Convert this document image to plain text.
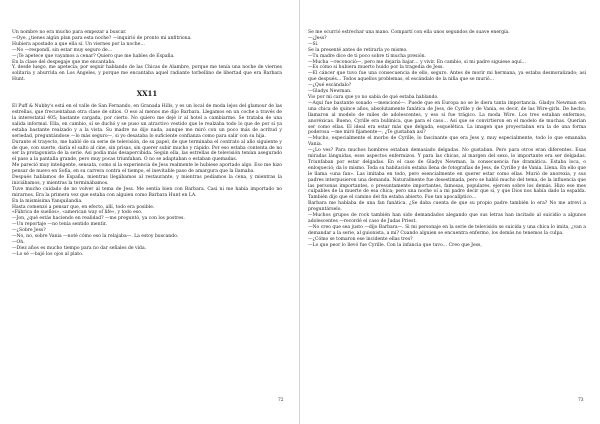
Un nombre no era mucho para empezar a buscar.

—Oye, ¿tienes algún plan para esta noche? —inquirió de pronto mi anfitriona.

Hubiera apostado a que ella sí. Un viernes por la noche…

—No —respondí, sin estar muy seguro de…

—¡Te apetece que vayamos a cenar? Quiero que me hables de España.

En la clase del despegaje que me encantaba.

Y, desde luego, me apetecía; por seguir hablando de las Chicas de Alambre, porque me tenía una noche de viernes solitaria y aburrida en Los Ángeles, y porque me encantaba aquel radiante torbellino de libertad que era Barbara Hunt.

XX11

El Puff & Nubby's está en el valle de San Fernando, en Granada Hills, y es un local de moda lejos del glamour de las estrellas, que frecuentaban otra clase de sitios. O eso al menos me dijo Barbara. Llegamos en un coche a través de la interestatal 405; bastante cargada, por cierto. No quiero me dejé ir al hotel a cambiarme. Se trataba de una salida informal. Ella, en cambio, sí se duchó y se puso un atractivo vestido que le realzaba todo lo que de por sí ya estaba bastante realzado y a la vista. Su madre no dijo nada, aunque me miró con un poco más de acritud y seriedad, preguntándose —lo más seguro—, si yo desataba lo suficiente confianza como para salir con su hija.

Durante el trayecto, me habló de su serie de televisión, de su papel, de que terminaba el contrato al año siguiente y de que, con suerte, daría el salto al cine, sin prisas, sin querer subir mucho y rápido. Por eso estaba contenta de no ser la protagonista de la serie. Así podía más desapercibida. Según ella, las estrellas de televisión tenían asegurado el paso a la pantalla grande, pero muy pocas triunfaban. O no se adaptaban o estaban quemadas.

Me pareció muy inteligente, sensata, como si la experiencia de Jess realmente le hubiese aportado algo. Eso me hizo pensar de nuevo en Sofía, en su carrera contra el tiempo, el inevitable paso de amargura que la llamaba.

Después hablamos de España, mientras llegábamos al restaurante, y mientras pedíamos la cena, y mientras la iniciábamos, y mientras la terminábamos.

Tuve mucho cuidado de no volver al tema de Jess. Me sentía bien con Barbara. Casi ni me había importado no mirarnos. Era la primera vez que estaba con alguien como Barbara Hunt en LA.

En la mismísima Yanquilandia.

Hasta comenzó a pensar que, en efecto, allí, todo era posible.

«Fábrica de sueños», «american way of life», y todo eso.

—Jon, ¿qué estás haciendo en realidad? —me preguntó, ya con los postres.

—Un reportaje —no tenía sentido mentir.

—¿Sobre Jess?

—No, no, sobre Vania —noté cómo eso la relajaba—. La estoy buscando.

—Oh.

—Diez años es mucho tiempo para no dar señales de vida.

—Lo sé —bajó los ojos al plato.

Se me ocurrió estrechar una mano. Compartí con ella unos segundos de suave energía.

—¿Jess?

—Sí.

Se la presenté antes de retirarla yo mismo.

—Tu madre dice de ti poco sobre tí mucha presión.

—Mucha —reconoció—, pero me dejaría bajar… y vivir. En cambio, si mi padre siguiese aquí…

—Es cómo si hubiera muerto huido por la tragedia de Jess.

—El cáncer que tuvo fue una consecuencia de ello, seguro. Antes de morir mi hermana, ya estaba desmoralizado; así que después… Todos aquellos problemas, el escándalo de la niña que se murió…

—¿Qué escándalo?

—Gladys Newman.

Vio por mi cara que yo no sabía de qué estaba hablando.

—Aquí fue bastante sonado —mencionó—. Puede que en Europa no se le diera tanta importancia. Gladys Newman era una chica de quince años, absolutamente fanática de Jess, de Cyrille y de Vania, es decir, de las Wire-girls. De hecho, llamaron al modelo de miles de adolescentes, y eso sí fue trágico. La moda Wire. Los tres estaban enfermos, anoréxicas. Bueno, Cyrille era bulímica, que para el caso… Así que se convirtieron en el modelo de muchas. Querían ser como ellas. El ideal era estar más que delgada, esquelética. La imagen que proyectaban era la de una forma poderosa —me miró fijamente—, ¿Te gustaban así?

—Mucho, especialmente el morbo de Cyrille, lo fascinante que era Jess y, muy especialmente, todo lo que emanaba Vania.

—¿Lo ves? Para muchos hombres estaban demasiado delgadas. No gustaban. Pero para otros eran diferentes. Esas miradas lánguidas, esos aspectos enfermizos. Y para las chicas, al margen del sexo, lo importante era ser delgadas. Triunfaban por estar delgadas. En el caso de Gladys Newman, la consecuencia fue dramática. Estaba loca, o enloqueció; da lo mismo. Toda su habitación estaba llena de fotografías de Jess, de Cyrille y de Vania. Llena. En ello que le llama «una fan». Las imitaba en todo, pero esencialmente en querer estar como ellas. Murió de anorexia, y sus padres interpusieron una demanda. Naturalmente fue desestimada, pero se habló mucho del tema, de la influencia que las personas importantes, o presuntamente importantes, famosas, populares, ejercen sobre los demás. Hizo ese mes culpables de la muerte de esa chica; pero una noche oí a mi padre decir que sí, y que Dios nos había dado la espalda. También dijo que el camino del fin estaba abierto. Fue tan apocalíptico…

Barbara me hablaba de una fan fanática. ¿Se daba cuenta de que su propio padre también lo era? No me atreví a preguntárselo.

—Muchos grupos de rock también han sido demandados alegando que sus letras han incitado al suicidio a algunos adolescentes —recordé el caso de Judas Priest.

—No creo que sea justo —dijo Barbara—. Si mi personaje en la serie de televisión se suicida y una chica lo imita, ¿van a demandar a la serie, al guionista, a mí? Cuando alguien se encuentra enfermo, los demás no tenemos la culpa.

—¿Cómo se tomaron ese incidente ellas tres?

—Lo que peor lo llevó fue Cyrille. Con la infancia que tuvo… Creo que Jess,

72	73
